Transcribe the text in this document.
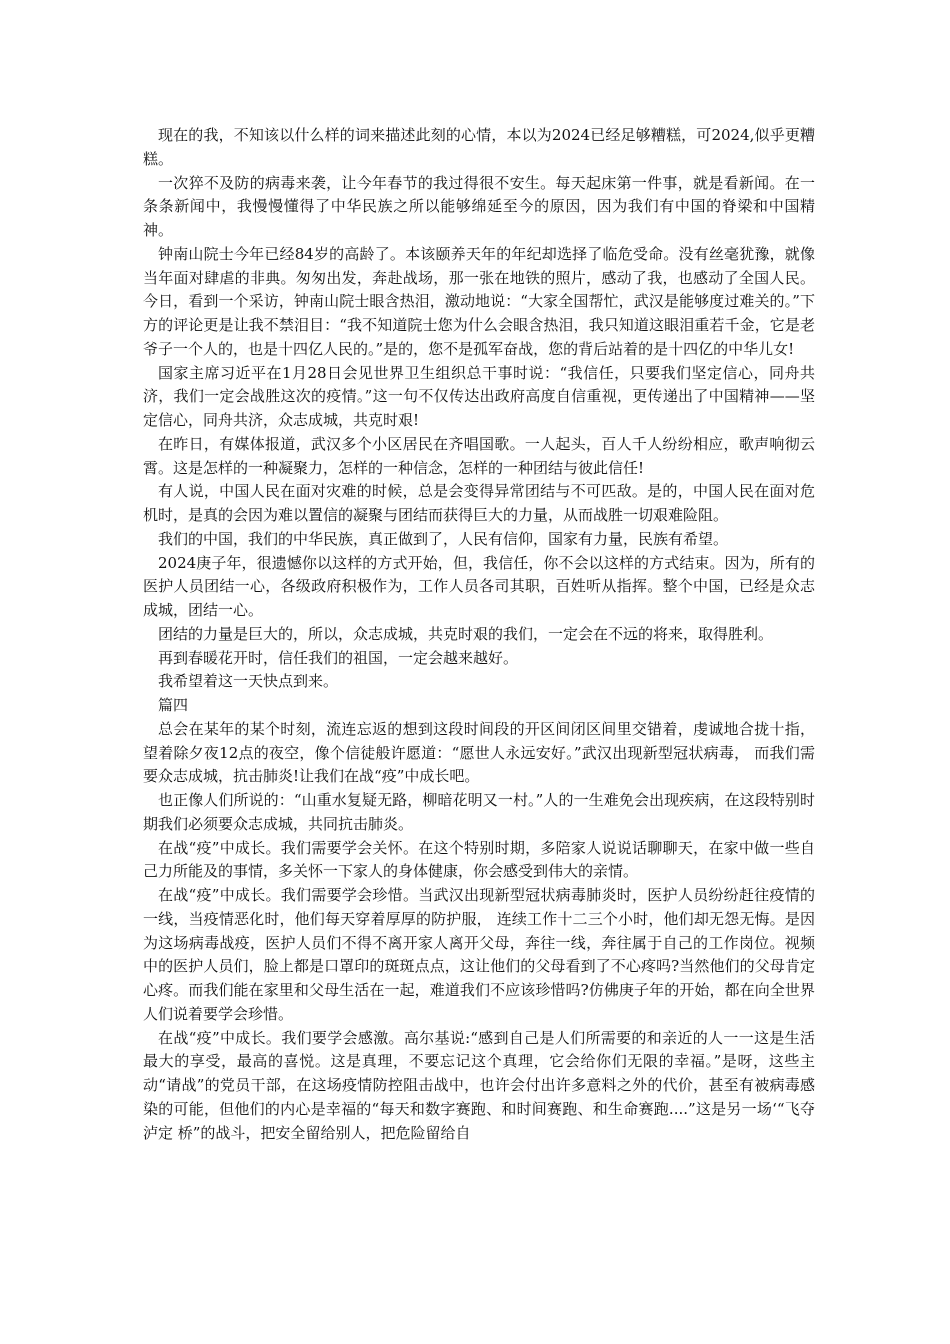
现在的我，不知该以什么样的词来描述此刻的心情，本以为2024已经足够糟糕，可2024,似乎更糟糕。

一次猝不及防的病毒来袭，让今年春节的我过得很不安生。每天起床第一件事，就是看新闻。在一条条新闻中，我慢慢懂得了中华民族之所以能够绵延至今的原因，因为我们有中国的脊梁和中国精神。

钟南山院士今年已经84岁的高龄了。本该颐养天年的年纪却选择了临危受命。没有丝毫犹豫，就像当年面对肆虐的非典。匆匆出发，奔赴战场，那一张在地铁的照片，感动了我，也感动了全国人民。今日，看到一个采访，钟南山院士眼含热泪，激动地说：“大家全国帮忙，武汉是能够度过难关的。”下方的评论更是让我不禁泪目：“我不知道院士您为什么会眼含热泪，我只知道这眼泪重若千金，它是老爷子一个人的，也是十四亿人民的。”是的，您不是孤军奋战，您的背后站着的是十四亿的中华儿女!

国家主席习近平在1月28日会见世界卫生组织总干事时说：“我信任，只要我们坚定信心，同舟共济，我们一定会战胜这次的疫情。”这一句不仅传达出政府高度自信重视，更传递出了中国精神——坚定信心，同舟共济，众志成城，共克时艰!

在昨日，有媒体报道，武汉多个小区居民在齐唱国歌。一人起头，百人千人纷纷相应，歌声响彻云霄。这是怎样的一种凝聚力，怎样的一种信念，怎样的一种团结与彼此信任!

有人说，中国人民在面对灾难的时候，总是会变得异常团结与不可匹敌。是的，中国人民在面对危机时，是真的会因为难以置信的凝聚与团结而获得巨大的力量，从而战胜一切艰难险阻。

我们的中国，我们的中华民族，真正做到了，人民有信仰，国家有力量，民族有希望。

2024庚子年，很遗憾你以这样的方式开始，但，我信任，你不会以这样的方式结束。因为，所有的医护人员团结一心，各级政府积极作为，工作人员各司其职，百姓听从指挥。整个中国，已经是众志成城，团结一心。

团结的力量是巨大的，所以，众志成城，共克时艰的我们，一定会在不远的将来，取得胜利。

再到春暖花开时，信任我们的祖国，一定会越来越好。

我希望着这一天快点到来。

篇四

总会在某年的某个时刻，流连忘返的想到这段时间段的开区间闭区间里交错着，虔诚地合拢十指，望着除夕夜12点的夜空，像个信徒般许愿道：“愿世人永远安好。”武汉出现新型冠状病毒， 而我们需要众志成城，抗击肺炎!让我们在战“疫”中成长吧。

也正像人们所说的：“山重水复疑无路，柳暗花明又一村。”人的一生难免会出现疾病，在这段特别时期我们必须要众志成城，共同抗击肺炎。

在战“疫”中成长。我们需要学会关怀。在这个特别时期，多陪家人说说话聊聊天，在家中做一些自己力所能及的事情，多关怀一下家人的身体健康，你会感受到伟大的亲情。

在战“疫”中成长。我们需要学会珍惜。当武汉出现新型冠状病毒肺炎时，医护人员纷纷赶往疫情的一线，当疫情恶化时，他们每天穿着厚厚的防护服， 连续工作十二三个小时，他们却无怨无悔。是因为这场病毒战疫，医护人员们不得不离开家人离开父母，奔往一线，奔往属于自己的工作岗位。视频中的医护人员们，脸上都是口罩印的斑斑点点，这让他们的父母看到了不心疼吗?当然他们的父母肯定心疼。而我们能在家里和父母生活在一起，难道我们不应该珍惜吗?仿佛庚子年的开始，都在向全世界人们说着要学会珍惜。

在战“疫”中成长。我们要学会感激。高尔基说:“感到自己是人们所需要的和亲近的人一一这是生活最大的享受，最高的喜悦。这是真理，不要忘记这个真理，它会给你们无限的幸福。”是呀，这些主动“请战”的党员干部，在这场疫情防控阻击战中，也许会付出许多意料之外的代价，甚至有被病毒感染的可能，但他们的内心是幸福的“每天和数字赛跑、和时间赛跑、和生命赛跑....”这是另一场‘“飞夺泸定 桥”的战斗，把安全留给别人，把危险留给自
